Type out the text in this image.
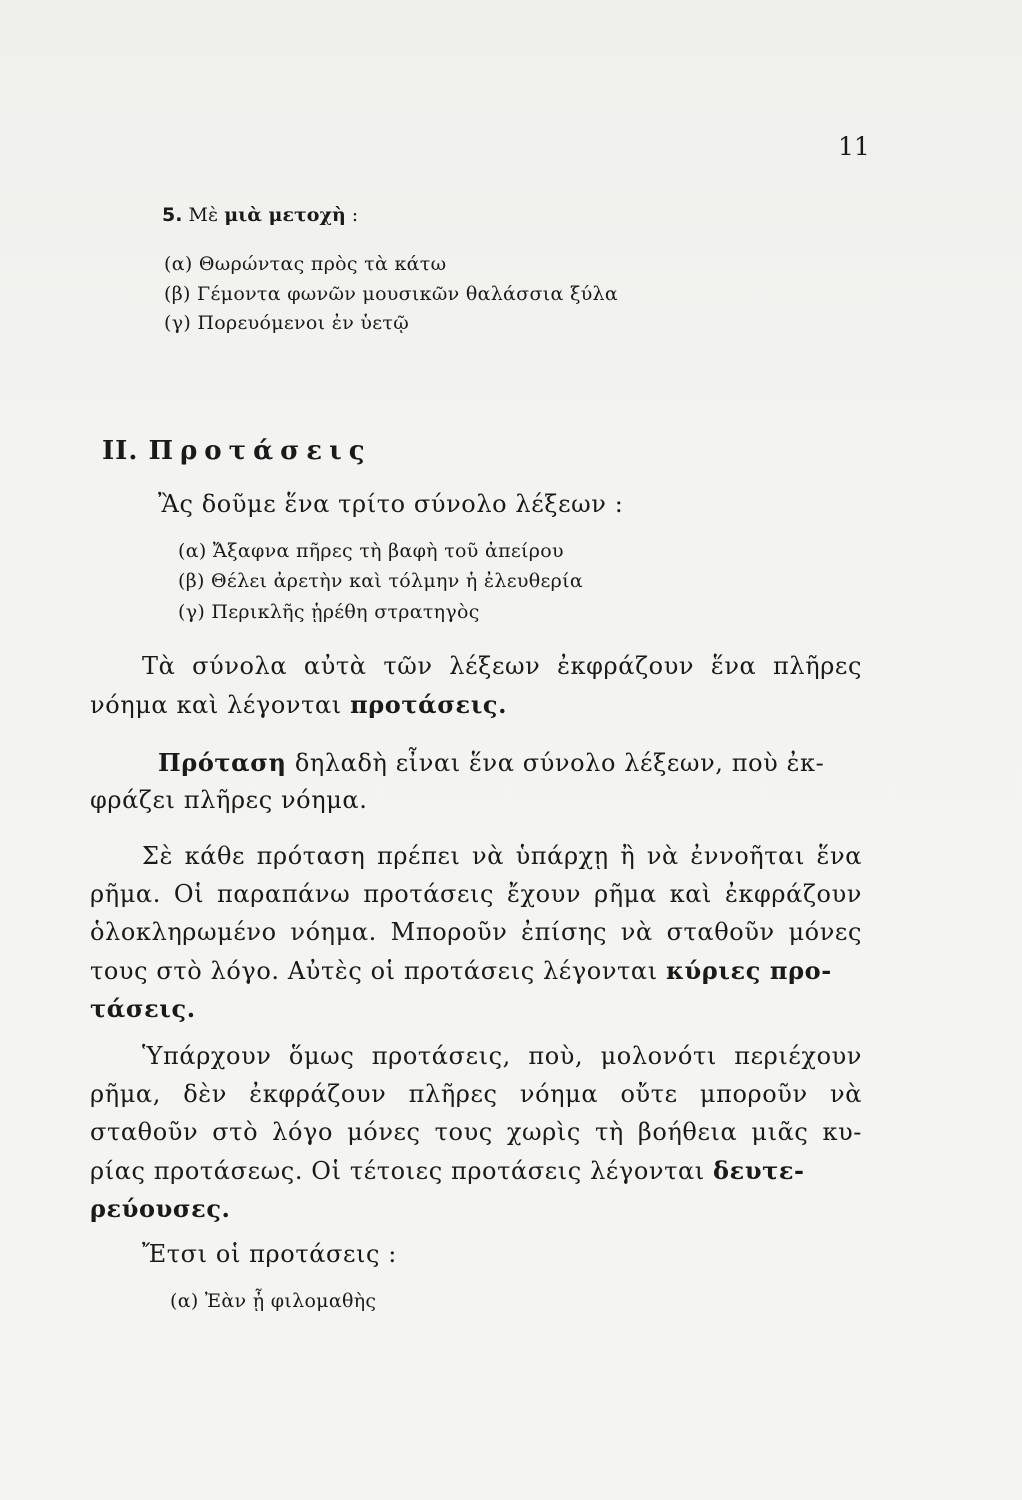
11
5. Μὲ μιὰ μετοχὴ :
(α) Θωρώντας πρὸς τὰ κάτω
(β) Γέμοντα φωνῶν μουσικῶν θαλάσσια ξύλα
(γ) Πορευόμενοι ἐν ὑετῷ
II. Προτάσεις
Ἂς δοῦμε ἕνα τρίτο σύνολο λέξεων :
(α) Ἄξαφνα πῆρες τὴ βαφὴ τοῦ ἀπείρου
(β) Θέλει ἀρετὴν καὶ τόλμην ἡ ἐλευθερία
(γ) Περικλῆς ᾑρέθη στρατηγὸς
Τὰ σύνολα αὐτὰ τῶν λέξεων ἐκφράζουν ἕνα πλῆρες
νόημα καὶ λέγονται προτάσεις.
Πρόταση δηλαδὴ εἶναι ἕνα σύνολο λέξεων, ποὺ ἐκ-
φράζει πλῆρες νόημα.
Σὲ κάθε πρόταση πρέπει νὰ ὑπάρχῃ ἢ νὰ ἐννοῆται ἕνα
ρῆμα. Οἱ παραπάνω προτάσεις ἔχουν ρῆμα καὶ ἐκφράζουν
ὁλοκληρωμένο νόημα. Μποροῦν ἐπίσης νὰ σταθοῦν μόνες
τους στὸ λόγο. Αὐτὲς οἱ προτάσεις λέγονται κύριες προ-
τάσεις.
Ὑπάρχουν ὅμως προτάσεις, ποὺ, μολονότι περιέχουν
ρῆμα, δὲν ἐκφράζουν πλῆρες νόημα οὔτε μποροῦν νὰ
σταθοῦν στὸ λόγο μόνες τους χωρὶς τὴ βοήθεια μιᾶς κυ-
ρίας προτάσεως. Οἱ τέτοιες προτάσεις λέγονται δευτε-
ρεύουσες.
Ἔτσι οἱ προτάσεις :
(α) Ἐὰν ᾖ φιλομαθὴς
